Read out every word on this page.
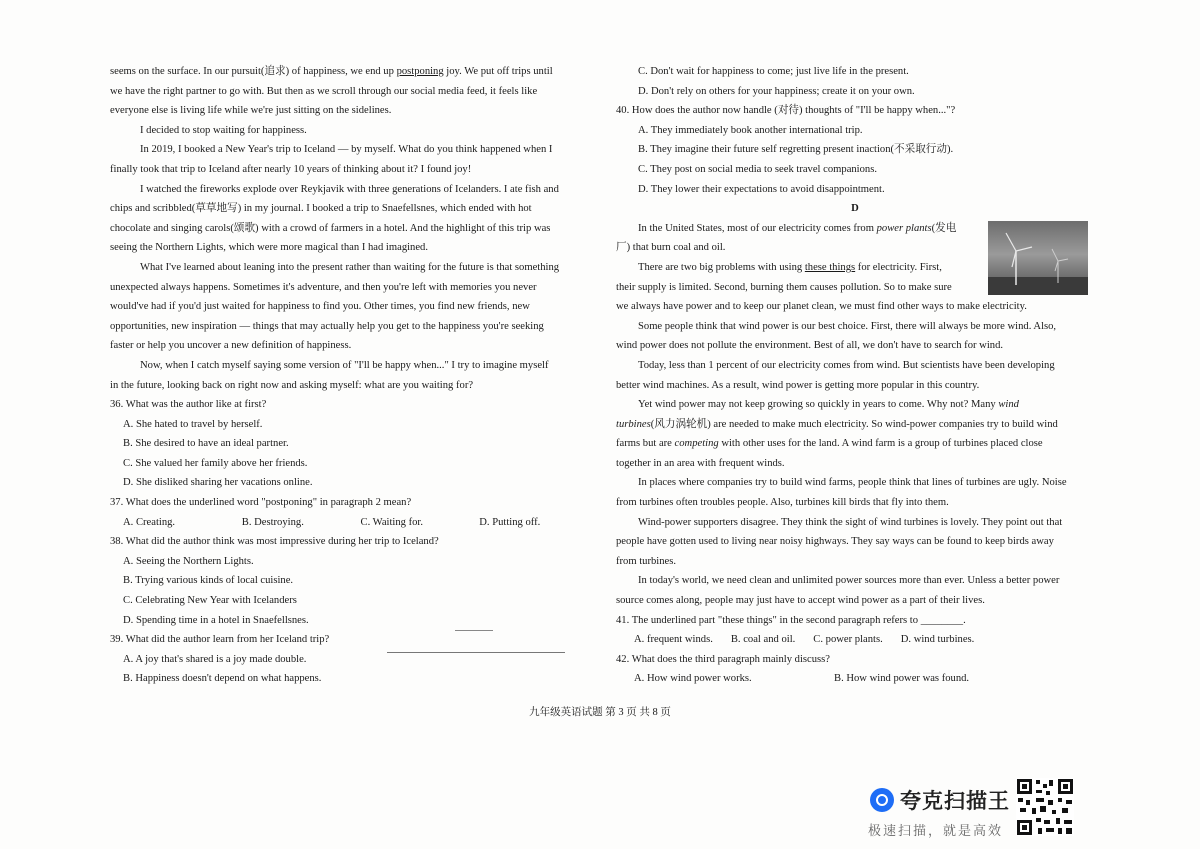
seems on the surface. In our pursuit(追求) of happiness, we end up postponing joy. We put off trips until
we have the right partner to go with. But then as we scroll through our social media feed, it feels like
everyone else is living life while we're just sitting on the sidelines.
I decided to stop waiting for happiness.
In 2019, I booked a New Year's trip to Iceland — by myself. What do you think happened when I
finally took that trip to Iceland after nearly 10 years of thinking about it? I found joy!
I watched the fireworks explode over Reykjavik with three generations of Icelanders. I ate fish and
chips and scribbled(草草地写) in my journal. I booked a trip to Snaefellsnes, which ended with hot
chocolate and singing carols(颂歌) with a crowd of farmers in a hotel. And the highlight of this trip was
seeing the Northern Lights, which were more magical than I had imagined.
What I've learned about leaning into the present rather than waiting for the future is that something
unexpected always happens. Sometimes it's adventure, and then you're left with memories you never
would've had if you'd just waited for happiness to find you. Other times, you find new friends, new
opportunities, new inspiration — things that may actually help you get to the happiness you're seeking
faster or help you uncover a new definition of happiness.
Now, when I catch myself saying some version of "I'll be happy when..." I try to imagine myself
in the future, looking back on right now and asking myself: what are you waiting for?
36. What was the author like at first?
A. She hated to travel by herself.
B. She desired to have an ideal partner.
C. She valued her family above her friends.
D. She disliked sharing her vacations online.
37. What does the underlined word "postponing" in paragraph 2 mean?
A. Creating.	B. Destroying.	C. Waiting for.	D. Putting off.
38. What did the author think was most impressive during her trip to Iceland?
A. Seeing the Northern Lights.
B. Trying various kinds of local cuisine.
C. Celebrating New Year with Icelanders
D. Spending time in a hotel in Snaefellsnes.
39. What did the author learn from her Iceland trip?
A. A joy that's shared is a joy made double.
B. Happiness doesn't depend on what happens.
C. Don't wait for happiness to come; just live life in the present.
D. Don't rely on others for your happiness; create it on your own.
40. How does the author now handle (对待) thoughts of "I'll be happy when..."?
A. They immediately book another international trip.
B. They imagine their future self regretting present inaction(不采取行动).
C. They post on social media to seek travel companions.
D. They lower their expectations to avoid disappointment.
D
In the United States, most of our electricity comes from power plants(发电
厂) that burn coal and oil.
There are two big problems with using these things for electricity. First,
their supply is limited. Second, burning them causes pollution. So to make sure
we always have power and to keep our planet clean, we must find other ways to make electricity.
Some people think that wind power is our best choice. First, there will always be more wind. Also,
wind power does not pollute the environment. Best of all, we don't have to search for wind.
Today, less than 1 percent of our electricity comes from wind. But scientists have been developing
better wind machines. As a result, wind power is getting more popular in this country.
Yet wind power may not keep growing so quickly in years to come. Why not? Many wind
turbines(风力涡轮机) are needed to make much electricity. So wind-power companies try to build wind
farms but are competing with other uses for the land. A wind farm is a group of turbines placed close
together in an area with frequent winds.
In places where companies try to build wind farms, people think that lines of turbines are ugly. Noise
from turbines often troubles people. Also, turbines kill birds that fly into them.
Wind-power supporters disagree. They think the sight of wind turbines is lovely. They point out that
people have gotten used to living near noisy highways. They say ways can be found to keep birds away
from turbines.
In today's world, we need clean and unlimited power sources more than ever. Unless a better power
source comes along, people may just have to accept wind power as a part of their lives.
41. The underlined part "these things" in the second paragraph refers to ________.
A. frequent winds. B. coal and oil. C. power plants. D. wind turbines.
42. What does the third paragraph mainly discuss?
A. How wind power works.	B. How wind power was found.
九年级英语试题 第 3 页 共 8 页
夸克扫描王
极速扫描，就是高效
